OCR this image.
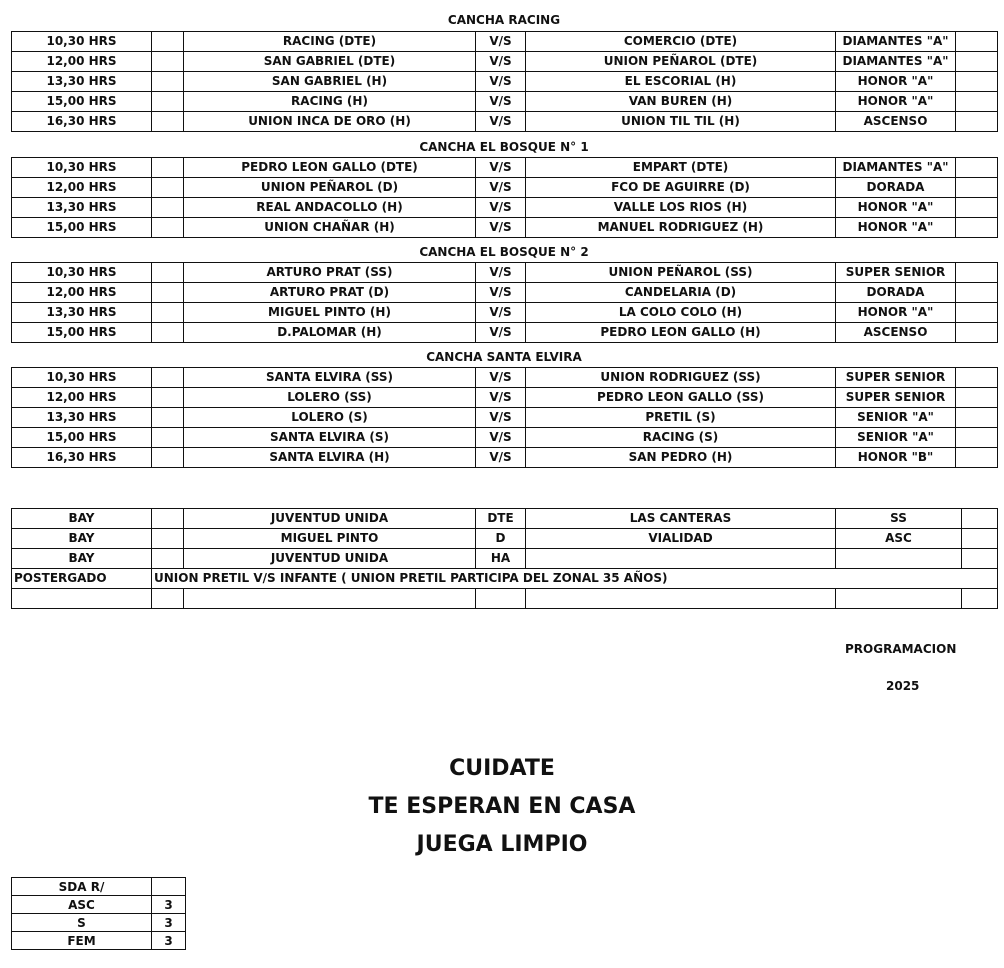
CANCHA RACING
10,30 HRS		RACING (DTE)	V/S	COMERCIO (DTE)	DIAMANTES "A"	
12,00 HRS		SAN GABRIEL (DTE)	V/S	UNION PEÑAROL (DTE)	DIAMANTES "A"	
13,30 HRS		SAN GABRIEL (H)	V/S	EL ESCORIAL (H)	HONOR "A"	
15,00 HRS		RACING (H)	V/S	VAN BUREN (H)	HONOR "A"	
16,30 HRS		UNION INCA DE ORO (H)	V/S	UNION TIL TIL (H)	ASCENSO	
CANCHA EL BOSQUE N° 1
10,30 HRS		PEDRO LEON GALLO (DTE)	V/S	EMPART (DTE)	DIAMANTES "A"	
12,00 HRS		UNION PEÑAROL (D)	V/S	FCO DE AGUIRRE (D)	DORADA	
13,30 HRS		REAL ANDACOLLO (H)	V/S	VALLE LOS RIOS (H)	HONOR "A"	
15,00 HRS		UNION CHAÑAR (H)	V/S	MANUEL RODRIGUEZ (H)	HONOR "A"	
CANCHA EL BOSQUE N° 2
10,30 HRS		ARTURO PRAT (SS)	V/S	UNION PEÑAROL (SS)	SUPER SENIOR	
12,00 HRS		ARTURO PRAT (D)	V/S	CANDELARIA (D)	DORADA	
13,30 HRS		MIGUEL PINTO (H)	V/S	LA COLO COLO (H)	HONOR "A"	
15,00 HRS		D.PALOMAR (H)	V/S	PEDRO LEON GALLO (H)	ASCENSO	
CANCHA SANTA ELVIRA
10,30 HRS		SANTA ELVIRA (SS)	V/S	UNION RODRIGUEZ (SS)	SUPER SENIOR	
12,00 HRS		LOLERO (SS)	V/S	PEDRO LEON GALLO (SS)	SUPER SENIOR	
13,30 HRS		LOLERO (S)	V/S	PRETIL (S)	SENIOR "A"	
15,00 HRS		SANTA ELVIRA (S)	V/S	RACING (S)	SENIOR "A"	
16,30 HRS		SANTA ELVIRA (H)	V/S	SAN PEDRO (H)	HONOR "B"	
BAY		JUVENTUD UNIDA	DTE	LAS CANTERAS	SS	
BAY		MIGUEL PINTO	D	VIALIDAD	ASC	
BAY		JUVENTUD UNIDA	HA			
POSTERGADO	UNION PRETIL V/S INFANTE ( UNION PRETIL PARTICIPA DEL ZONAL 35 AÑOS)					

PROGRAMACION
2025
CUIDATE
TE ESPERAN EN CASA
JUEGA LIMPIO
SDA R/	
ASC	3
S	3
FEM	3
